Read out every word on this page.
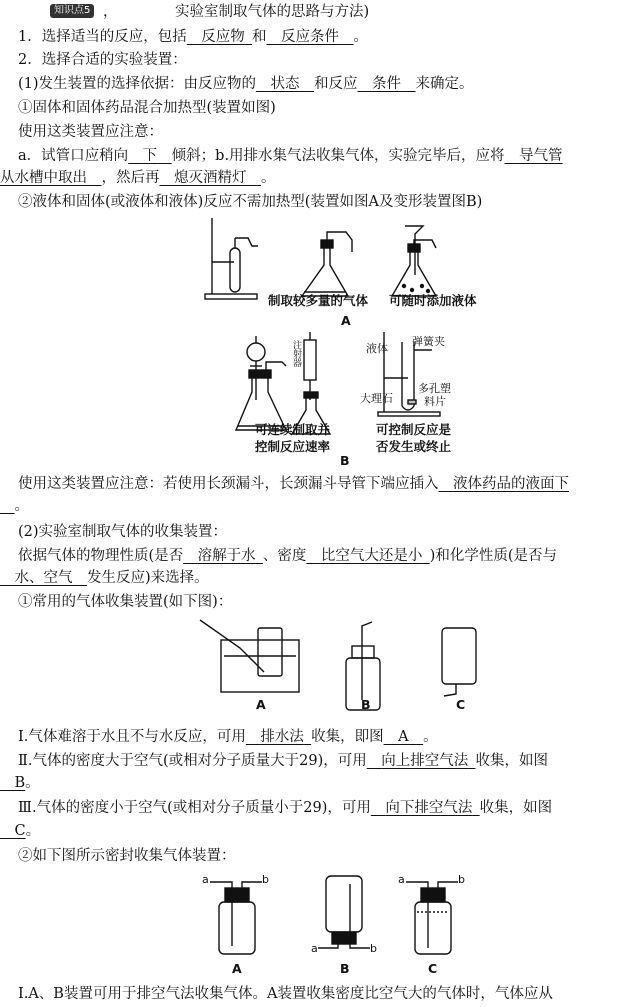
知识点5 ，	实验室制取气体的思路与方法)
1．选择适当的反应，包括   反应物  和   反应条件   。
2．选择合适的实验装置：
(1)发生装置的选择依据：由反应物的   状态   和反应   条件   来确定。
①固体和固体药品混合加热型(装置如图)
使用这类装置应注意：
a．试管口应稍向   下   倾斜；b.用排水集气法收集气体，实验完毕后，应将   导气管
从水槽中取出   ，然后再   熄灭酒精灯   。
②液体和固体(或液体和液体)反应不需加热型(装置如图A及变形装置图B)
制取较多量的气体 可随时添加液体
A
注射器	液体
弹簧夹
大理石
多孔塑
料片
可连续制取并
控制反应速率
可控制反应是
否发生或终止
B
使用这类装置应注意：若使用长颈漏斗，长颈漏斗导管下端应插入   液体药品的液面下
  。
(2)实验室制取气体的收集装置：
依据气体的物理性质(是否   溶解于水  、密度   比空气大还是小  )和化学性质(是否与
  水、空气   发生反应)来选择。
①常用的气体收集装置(如下图)：
A	B	C
Ⅰ.气体难溶于水且不与水反应，可用   排水法  收集，即图   A   。
Ⅱ.气体的密度大于空气(或相对分子质量大于29)，可用   向上排空气法  收集，如图
  B。
Ⅲ.气体的密度小于空气(或相对分子质量小于29)，可用   向下排空气法  收集，如图
  C。
②如下图所示密封收集气体装置：
a	b
a	b
a	b
A	B	C
Ⅰ.A、B装置可用于排空气法收集气体。A装置收集密度比空气大的气体时，气体应从
